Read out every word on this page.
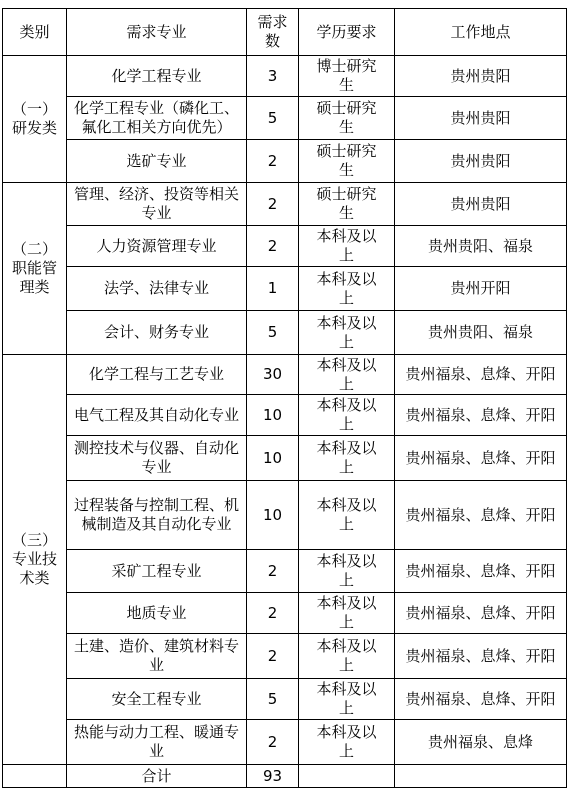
类别	需求专业	需求数	学历要求	工作地点
（一）研发类	化学工程专业	3	博士研究生	贵州贵阳
	化学工程专业（磷化工、氟化工相关方向优先）	5	硕士研究生	贵州贵阳
	选矿专业	2	硕士研究生	贵州贵阳
（二）职能管理类	管理、经济、投资等相关专业	2	硕士研究生	贵州贵阳
	人力资源管理专业	2	本科及以上	贵州贵阳、福泉
	法学、法律专业	1	本科及以上	贵州开阳
	会计、财务专业	5	本科及以上	贵州贵阳、福泉
（三）专业技术类	化学工程与工艺专业	30	本科及以上	贵州福泉、息烽、开阳
	电气工程及其自动化专业	10	本科及以上	贵州福泉、息烽、开阳
	测控技术与仪器、自动化专业	10	本科及以上	贵州福泉、息烽、开阳
	过程装备与控制工程、机械制造及其自动化专业	10	本科及以上	贵州福泉、息烽、开阳
	采矿工程专业	2	本科及以上	贵州福泉、息烽、开阳
	地质专业	2	本科及以上	贵州福泉、息烽、开阳
	土建、造价、建筑材料专业	2	本科及以上	贵州福泉、息烽、开阳
	安全工程专业	5	本科及以上	贵州福泉、息烽、开阳
	热能与动力工程、暖通专业	2	本科及以上	贵州福泉、息烽
	合计	93		
